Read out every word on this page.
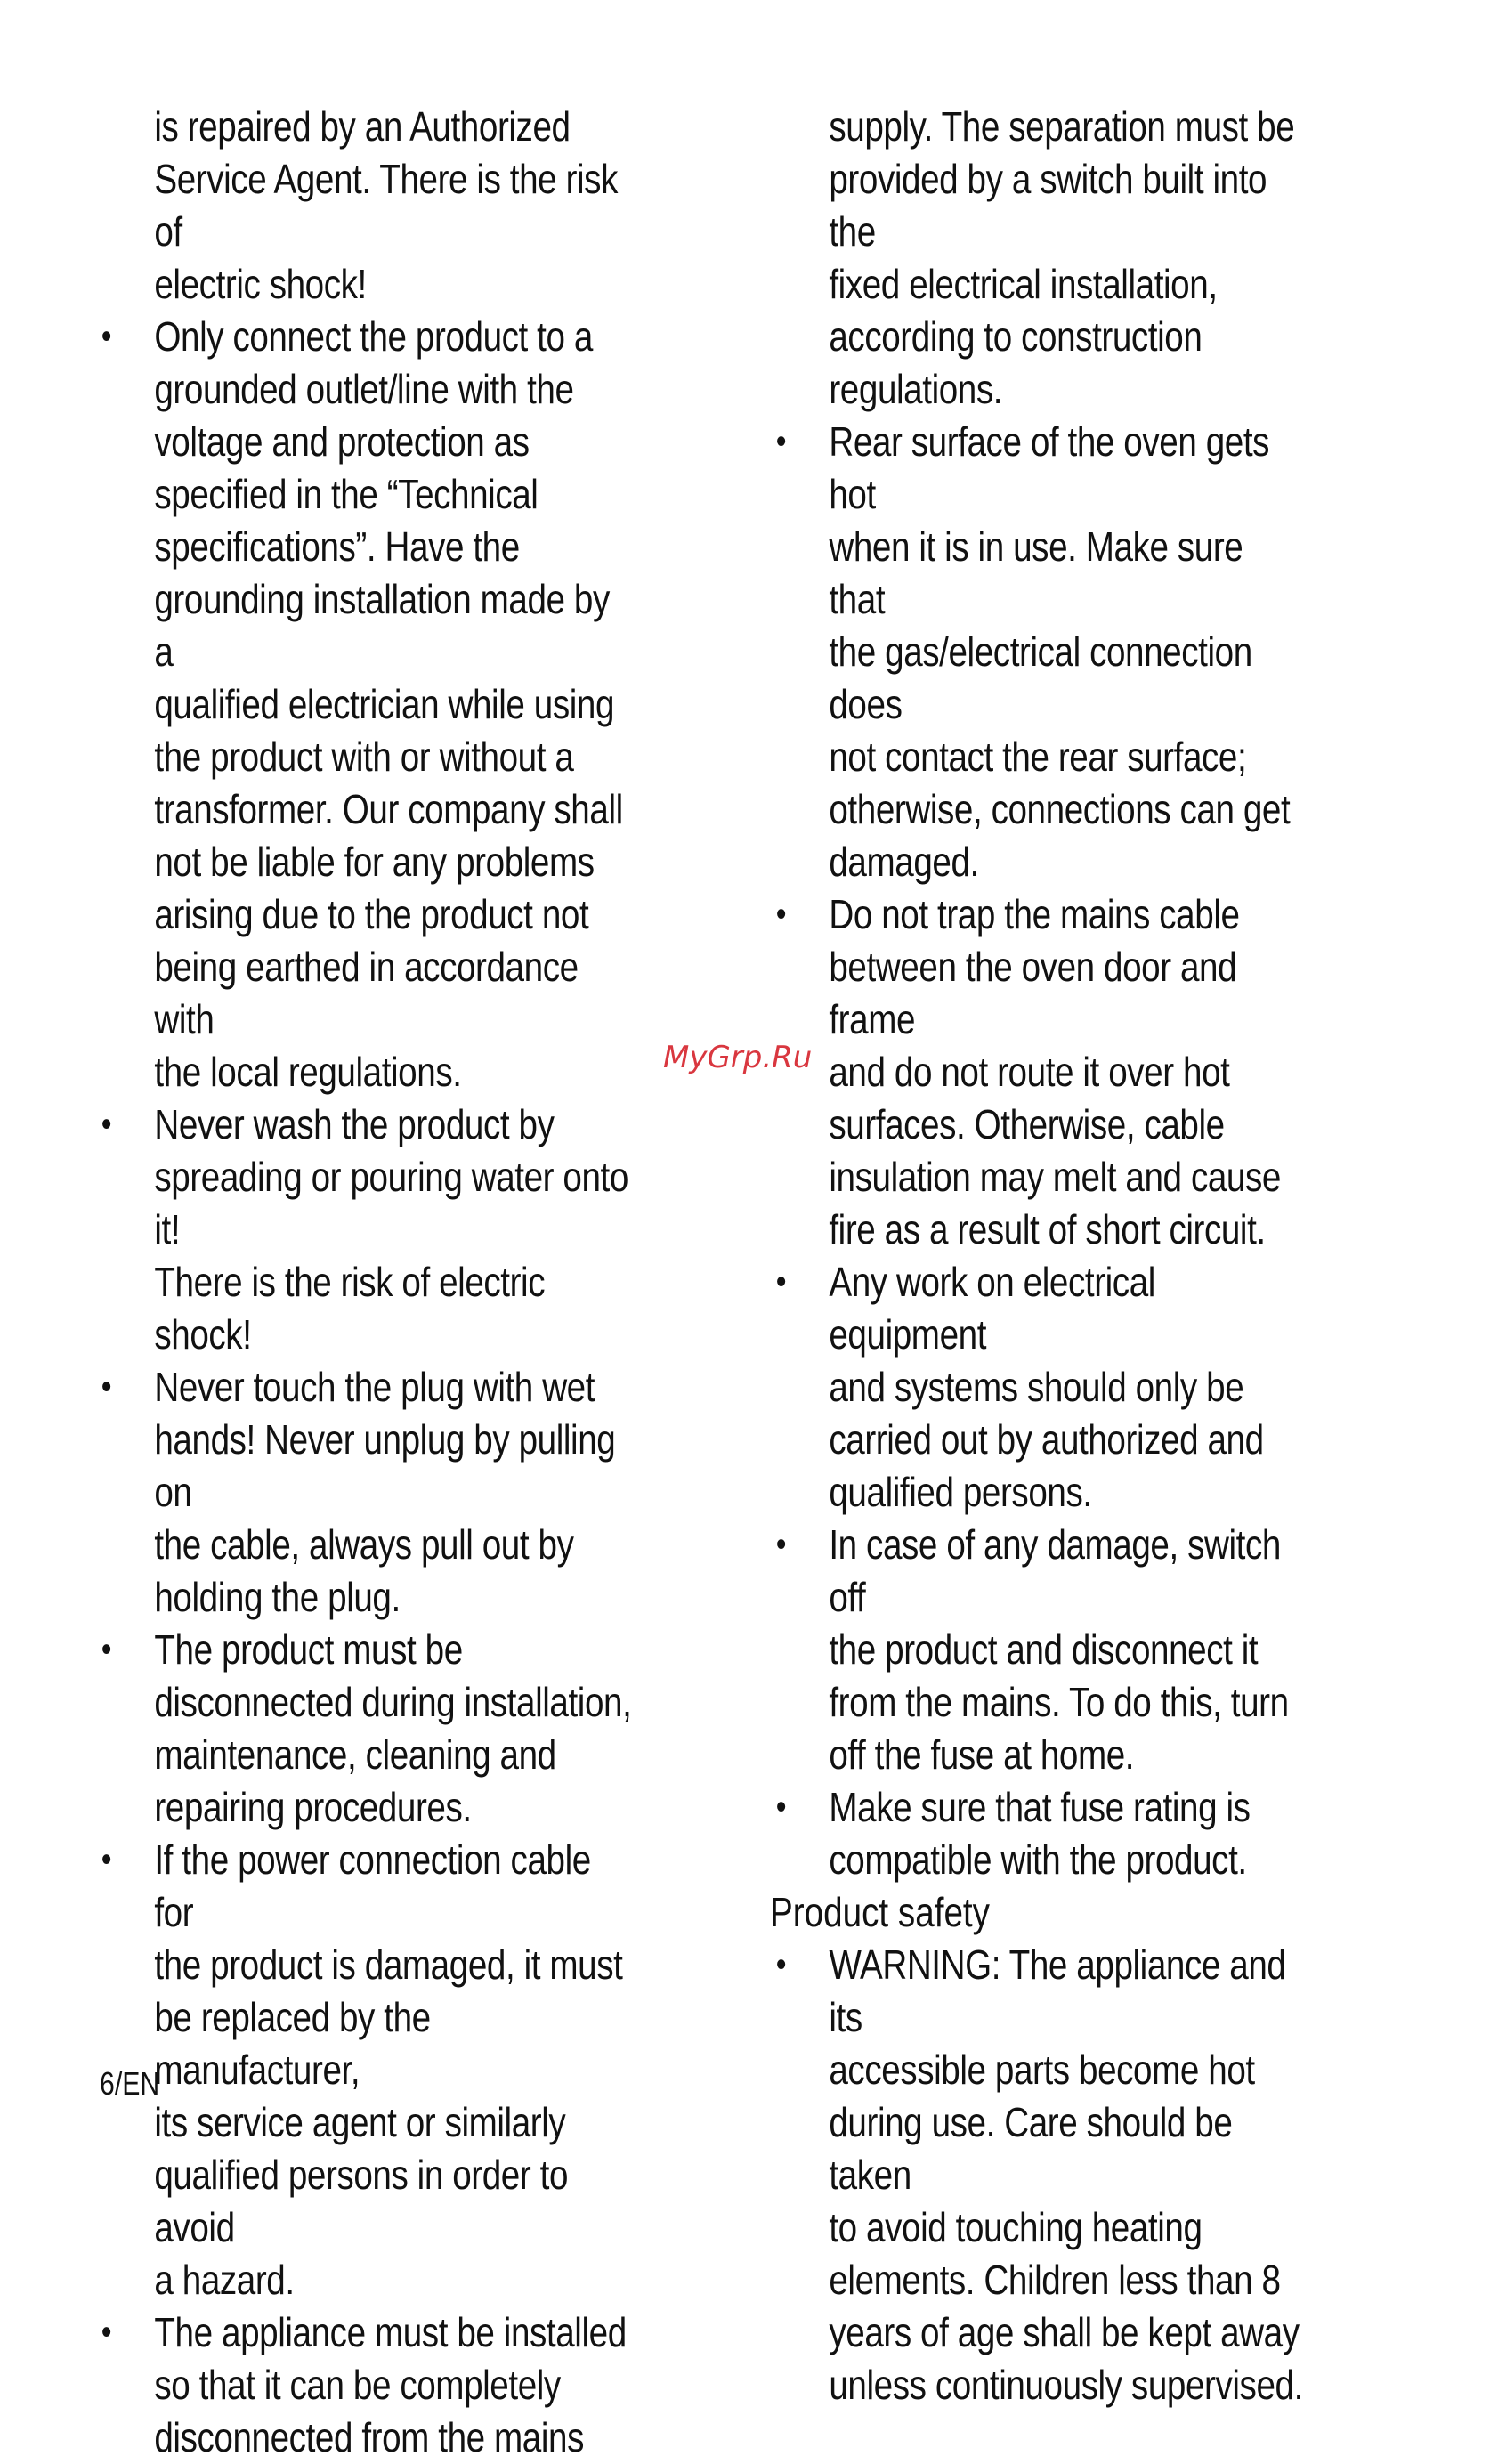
is repaired by an Authorized
Service Agent. There is the risk of
electric shock!
• Only connect the product to a
grounded outlet/line with the
voltage and protection as
specified in the “Technical
specifications”. Have the
grounding installation made by a
qualified electrician while using
the product with or without a
transformer. Our company shall
not be liable for any problems
arising due to the product not
being earthed in accordance with
the local regulations.
• Never wash the product by
spreading or pouring water onto it!
There is the risk of electric shock!
• Never touch the plug with wet
hands! Never unplug by pulling on
the cable, always pull out by
holding the plug.
• The product must be
disconnected during installation,
maintenance, cleaning and
repairing procedures.
• If the power connection cable for
the product is damaged, it must
be replaced by the manufacturer,
its service agent or similarly
qualified persons in order to avoid
a hazard.
• The appliance must be installed
so that it can be completely
disconnected from the mains
supply. The separation must be
provided by a switch built into the
fixed electrical installation,
according to construction
regulations.
• Rear surface of the oven gets hot
when it is in use. Make sure that
the gas/electrical connection does
not contact the rear surface;
otherwise, connections can get
damaged.
• Do not trap the mains cable
between the oven door and frame
and do not route it over hot
surfaces. Otherwise, cable
insulation may melt and cause
fire as a result of short circuit.
• Any work on electrical equipment
and systems should only be
carried out by authorized and
qualified persons.
• In case of any damage, switch off
the product and disconnect it
from the mains. To do this, turn
off the fuse at home.
• Make sure that fuse rating is
compatible with the product.
Product safety
• WARNING: The appliance and its
accessible parts become hot
during use. Care should be taken
to avoid touching heating
elements. Children less than 8
years of age shall be kept away
unless continuously supervised.
MyGrp.Ru
6/EN
